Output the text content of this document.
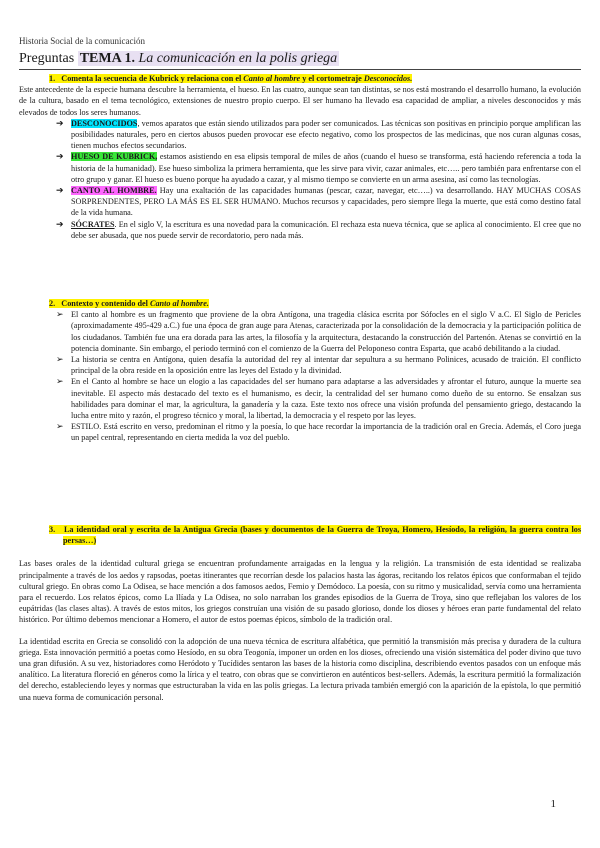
Historia Social de la comunicación
Preguntas TEMA 1. La comunicación en la polis griega

1. Comenta la secuencia de Kubrick y relaciona con el Canto al hombre y el cortometraje Desconocidos.

Este antecedente de la especie humana descubre la herramienta, el hueso. En las cuatro, aunque sean tan distintas, se nos está mostrando el desarrollo humano, la evolución de la cultura, basado en el tema tecnológico, extensiones de nuestro propio cuerpo. El ser humano ha llevado esa capacidad de ampliar, a niveles desconocidos y más elevados de todos los seres humanos.

➔ DESCONOCIDOS, vemos aparatos que están siendo utilizados para poder ser comunicados. Las técnicas son positivas en principio porque amplifican las posibilidades naturales, pero en ciertos abusos pueden provocar ese efecto negativo, como los prospectos de las medicinas, que nos curan algunas cosas, tienen muchos efectos secundarios.
➔ HUESO DE KUBRICK, estamos asistiendo en esa elipsis temporal de miles de años (cuando el hueso se transforma, está haciendo referencia a toda la historia de la humanidad). Ese hueso simboliza la primera herramienta, que les sirve para vivir, cazar animales, etc….. pero también para enfrentarse con el otro grupo y ganar. El hueso es bueno porque ha ayudado a cazar, y al mismo tiempo se convierte en un arma asesina, así como las tecnologías.
➔ CANTO AL HOMBRE. Hay una exaltación de las capacidades humanas (pescar, cazar, navegar, etc…..) va desarrollando. HAY MUCHAS COSAS SORPRENDENTES, PERO LA MÁS ES EL SER HUMANO. Muchos recursos y capacidades, pero siempre llega la muerte, que está como destino fatal de la vida humana.
➔ SÓCRATES. En el siglo V, la escritura es una novedad para la comunicación. El rechaza esta nueva técnica, que se aplica al conocimiento. El cree que no debe ser abusada, que nos puede servir de recordatorio, pero nada más.

2. Contexto y contenido del Canto al hombre.

➢ El canto al hombre es un fragmento que proviene de la obra Antígona, una tragedia clásica escrita por Sófocles en el siglo V a.C. El Siglo de Pericles (aproximadamente 495-429 a.C.) fue una época de gran auge para Atenas, caracterizada por la consolidación de la democracia y la participación política de los ciudadanos. También fue una era dorada para las artes, la filosofía y la arquitectura, destacando la construcción del Partenón. Atenas se convirtió en la potencia dominante. Sin embargo, el periodo terminó con el comienzo de la Guerra del Peloponeso contra Esparta, que acabó debilitando a la ciudad.
➢ La historia se centra en Antígona, quien desafía la autoridad del rey al intentar dar sepultura a su hermano Polinices, acusado de traición. El conflicto principal de la obra reside en la oposición entre las leyes del Estado y la divinidad.
➢ En el Canto al hombre se hace un elogio a las capacidades del ser humano para adaptarse a las adversidades y afrontar el futuro, aunque la muerte sea inevitable. El aspecto más destacado del texto es el humanismo, es decir, la centralidad del ser humano como dueño de su entorno. Se ensalzan sus habilidades para dominar el mar, la agricultura, la ganadería y la caza. Este texto nos ofrece una visión profunda del pensamiento griego, destacando la lucha entre mito y razón, el progreso técnico y moral, la libertad, la democracia y el respeto por las leyes.
➢ ESTILO. Está escrito en verso, predominan el ritmo y la poesía, lo que hace recordar la importancia de la tradición oral en Grecia. Además, el Coro juega un papel central, representando en cierta medida la voz del pueblo.

3. La identidad oral y escrita de la Antigua Grecia (bases y documentos de la Guerra de Troya, Homero, Hesíodo, la religión, la guerra contra los persas…)

Las bases orales de la identidad cultural griega se encuentran profundamente arraigadas en la lengua y la religión. La transmisión de esta identidad se realizaba principalmente a través de los aedos y rapsodas, poetas itinerantes que recorrían desde los palacios hasta las ágoras, recitando los relatos épicos que conformaban el tejido cultural griego. En obras como La Odisea, se hace mención a dos famosos aedos, Femio y Demódoco. La poesía, con su ritmo y musicalidad, servía como una herramienta para el recuerdo. Los relatos épicos, como La Ilíada y La Odisea, no solo narraban los grandes episodios de la Guerra de Troya, sino que reflejaban los valores de los eupátridas (las clases altas). A través de estos mitos, los griegos construían una visión de su pasado glorioso, donde los dioses y héroes eran parte fundamental del relato histórico. Por último debemos mencionar a Homero, el autor de estos poemas épicos, símbolo de la tradición oral.

La identidad escrita en Grecia se consolidó con la adopción de una nueva técnica de escritura alfabética, que permitió la transmisión más precisa y duradera de la cultura griega. Esta innovación permitió a poetas como Hesíodo, en su obra Teogonía, imponer un orden en los dioses, ofreciendo una visión sistemática del poder divino que tuvo una gran difusión. A su vez, historiadores como Heródoto y Tucídides sentaron las bases de la historia como disciplina, describiendo eventos pasados con un enfoque más analítico. La literatura floreció en géneros como la lírica y el teatro, con obras que se convirtieron en auténticos best-sellers. Además, la escritura permitió la formalización del derecho, estableciendo leyes y normas que estructuraban la vida en las polis griegas. La lectura privada también emergió con la aparición de la epístola, lo que permitió una nueva forma de comunicación personal.

1
